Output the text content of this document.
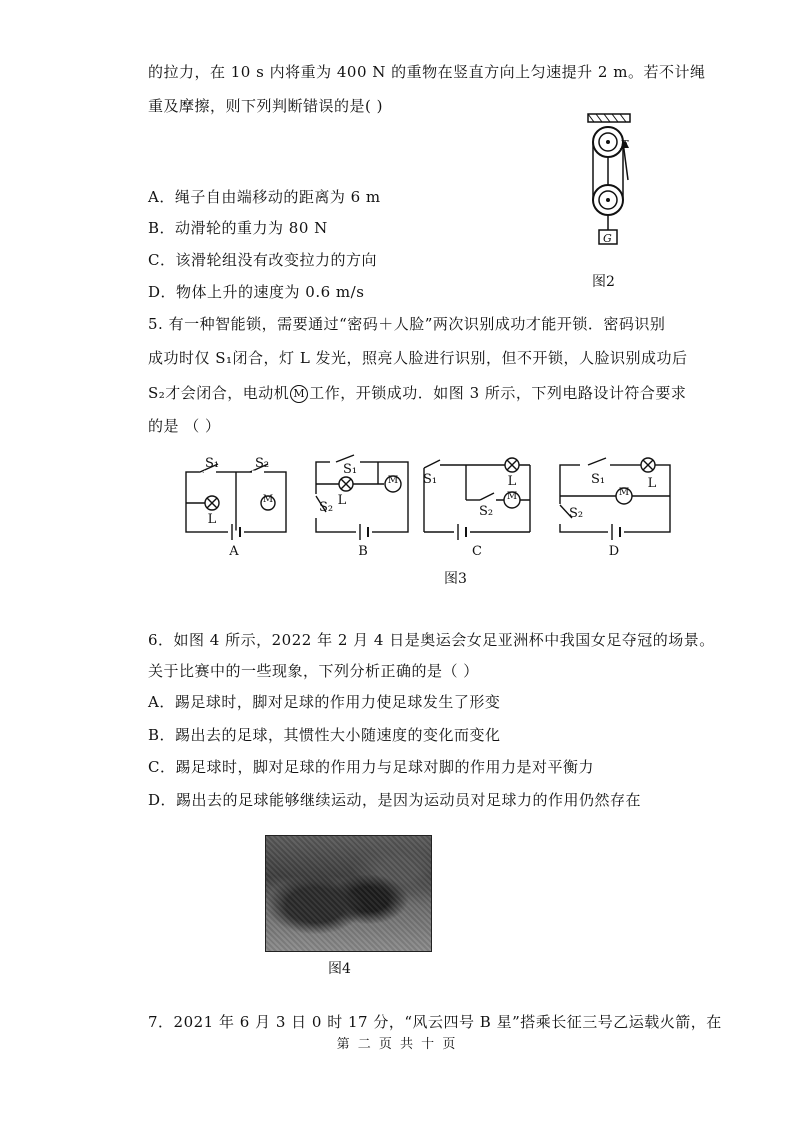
的拉力，在 10 s 内将重为 400 N 的重物在竖直方向上匀速提升 2 m。若不计绳
重及摩擦，则下列判断错误的是( )
A．绳子自由端移动的距离为 6 m
B．动滑轮的重力为 80 N
C．该滑轮组没有改变拉力的方向
D．物体上升的速度为 0.6 m/s
F
G
图2
5. 有一种智能锁，需要通过“密码＋人脸”两次识别成功才能开锁．密码识别
成功时仅 S₁闭合，灯 L 发光，照亮人脸进行识别，但不开锁，人脸识别成功后
S₂才会闭合，电动机 M 工作，开锁成功．如图 3 所示，下列电路设计符合要求
的是 （ ）
S₁	S₂
L
M
A
S₁
L
M
S₂
B
S₁	L
M
S₂
C
S₁	L
M
S₂
D
图3
6．如图 4 所示，2022 年 2 月 4 日是奥运会女足亚洲杯中我国女足夺冠的场景。
关于比赛中的一些现象，下列分析正确的是（ ）
A．踢足球时，脚对足球的作用力使足球发生了形变
B．踢出去的足球，其惯性大小随速度的变化而变化
C．踢足球时，脚对足球的作用力与足球对脚的作用力是对平衡力
D．踢出去的足球能够继续运动，是因为运动员对足球力的作用仍然存在
图4
7．2021 年 6 月 3 日 0 时 17 分，“风云四号 B 星”搭乘长征三号乙运载火箭，在
第 二 页 共 十 页
